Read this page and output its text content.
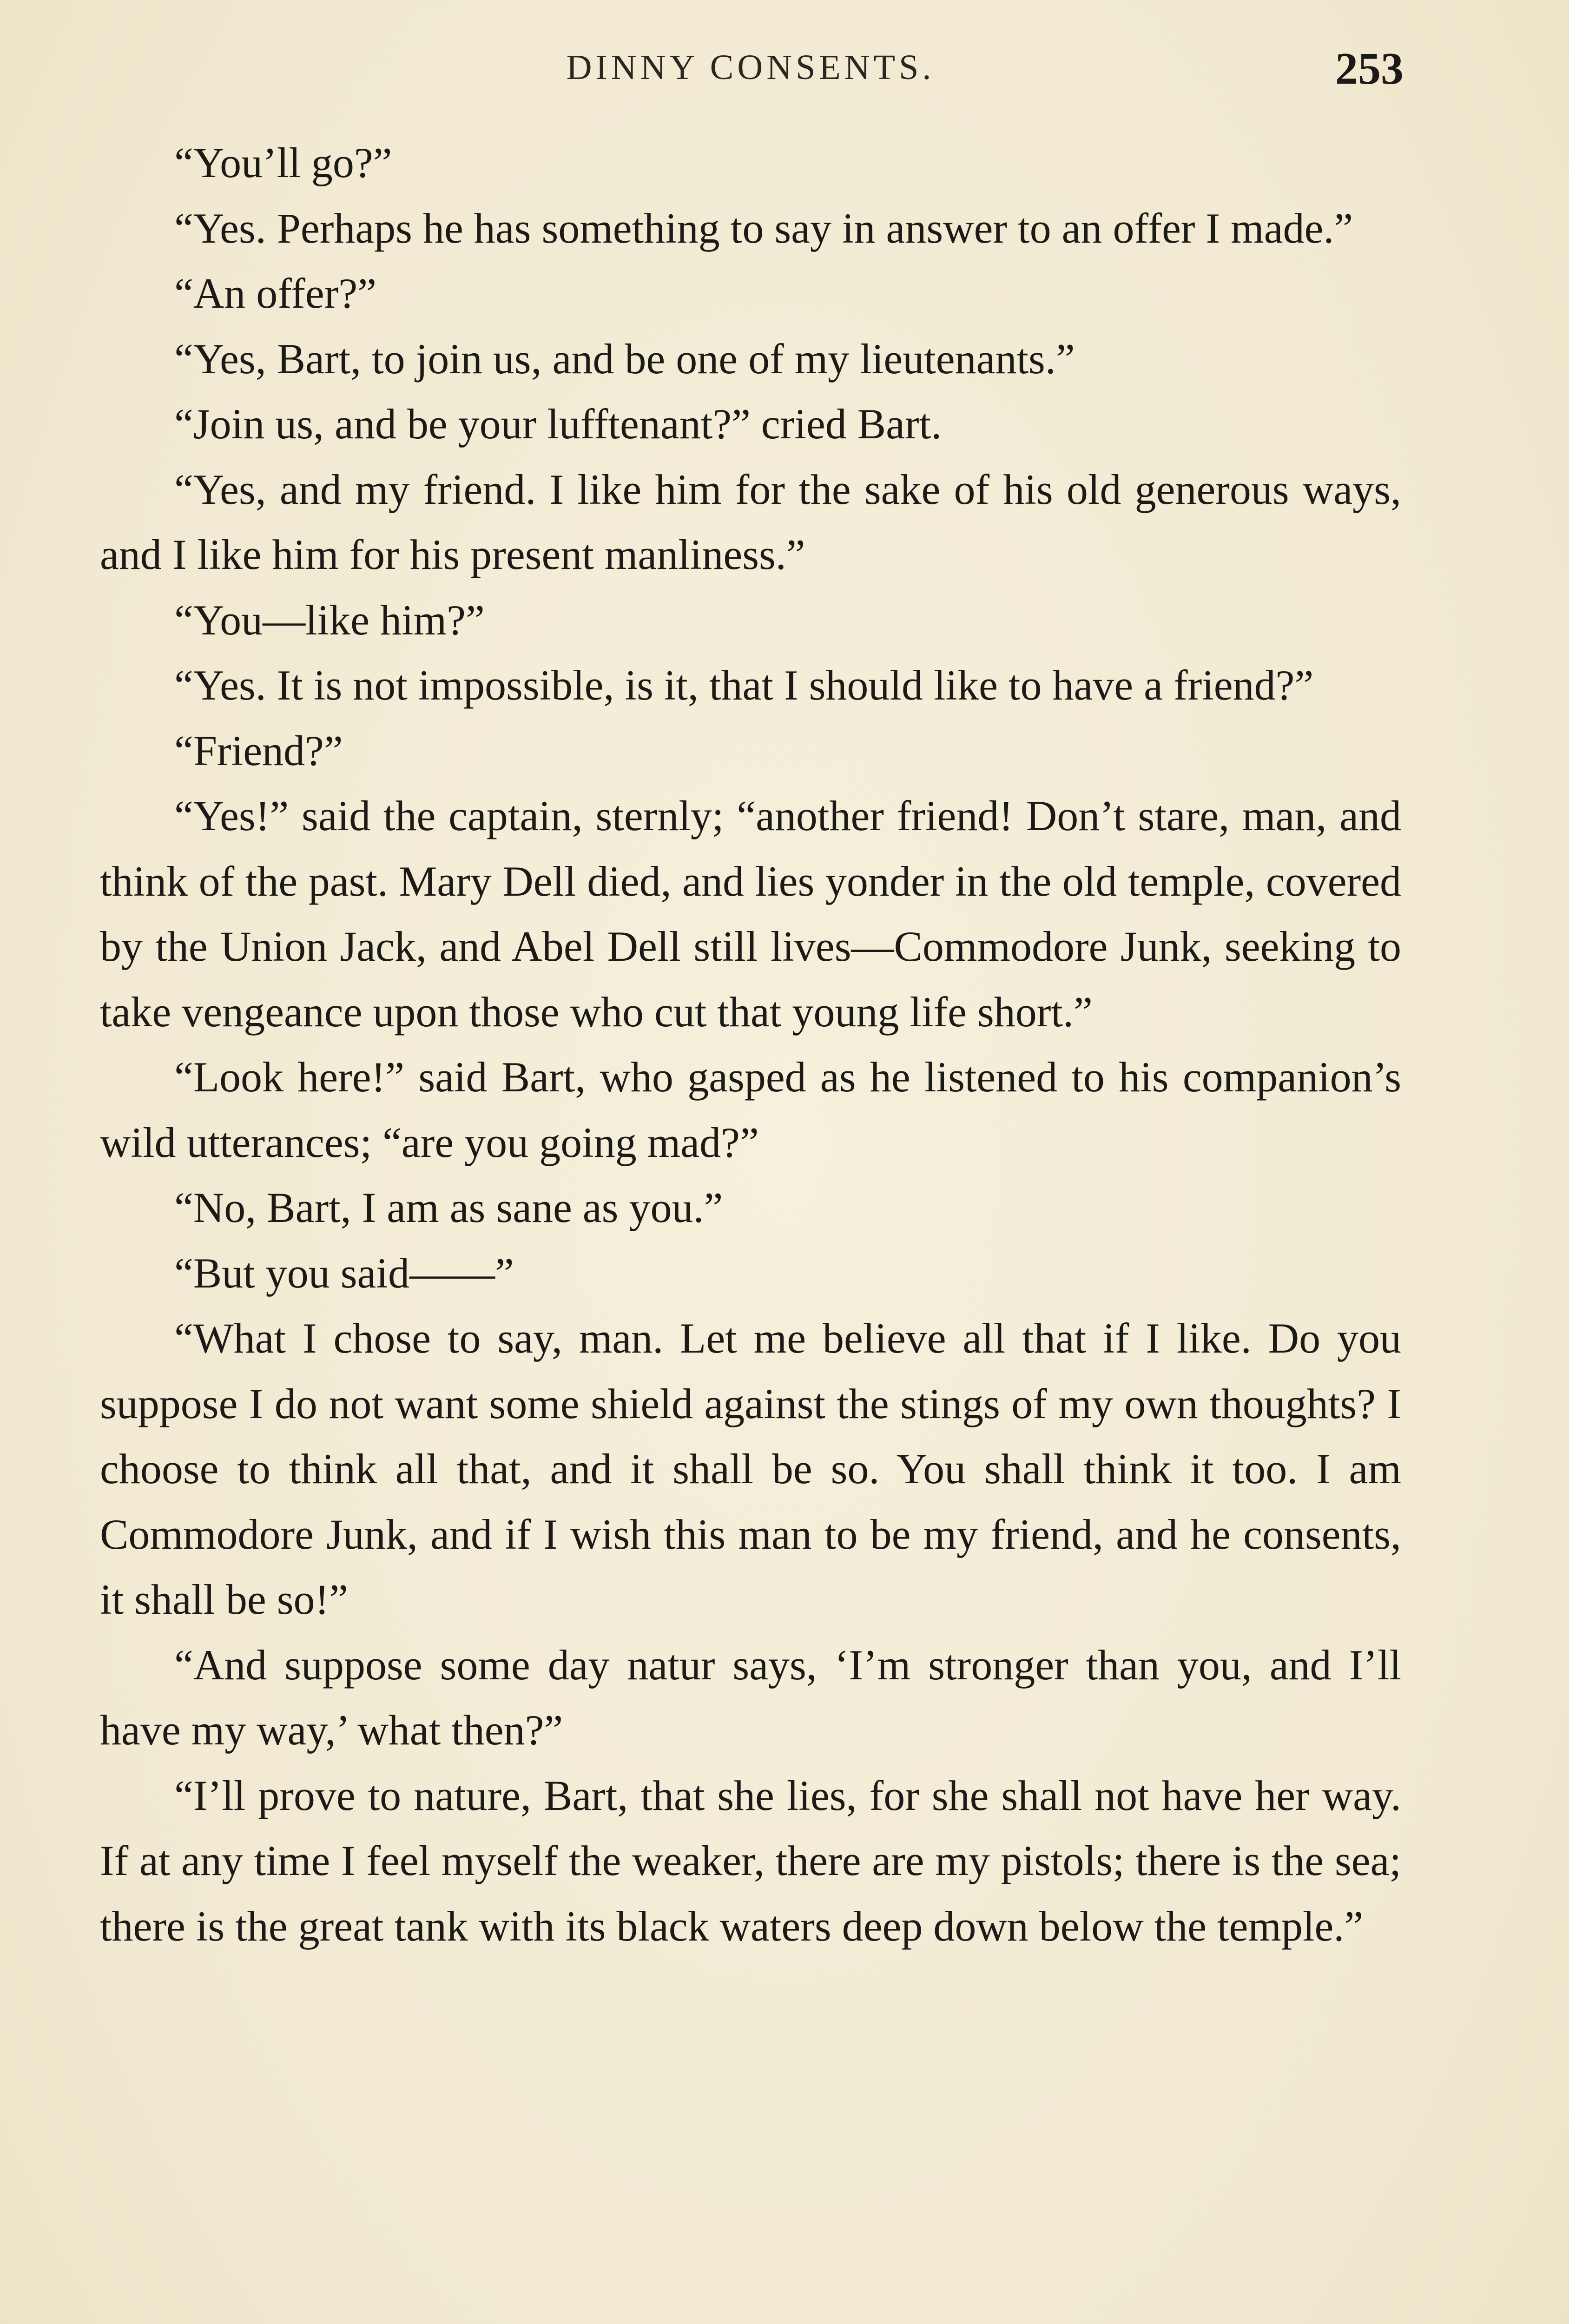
DINNY CONSENTS.	253

“You’ll go?”

“Yes. Perhaps he has something to say in answer to an offer I made.”

“An offer?”

“Yes, Bart, to join us, and be one of my lieutenants.”

“Join us, and be your lufftenant?” cried Bart.

“Yes, and my friend. I like him for the sake of his old generous ways, and I like him for his present manliness.”

“You—like him?”

“Yes. It is not impossible, is it, that I should like to have a friend?”

“Friend?”

“Yes!” said the captain, sternly; “another friend! Don’t stare, man, and think of the past. Mary Dell died, and lies yonder in the old temple, covered by the Union Jack, and Abel Dell still lives—Commodore Junk, seeking to take vengeance upon those who cut that young life short.”

“Look here!” said Bart, who gasped as he listened to his companion’s wild utterances; “are you going mad?”

“No, Bart, I am as sane as you.”

“But you said——”

“What I chose to say, man. Let me believe all that if I like. Do you suppose I do not want some shield against the stings of my own thoughts? I choose to think all that, and it shall be so. You shall think it too. I am Commodore Junk, and if I wish this man to be my friend, and he consents, it shall be so!”

“And suppose some day natur says, ‘I’m stronger than you, and I’ll have my way,’ what then?”

“I’ll prove to nature, Bart, that she lies, for she shall not have her way. If at any time I feel myself the weaker, there are my pistols; there is the sea; there is the great tank with its black waters deep down below the temple.”
